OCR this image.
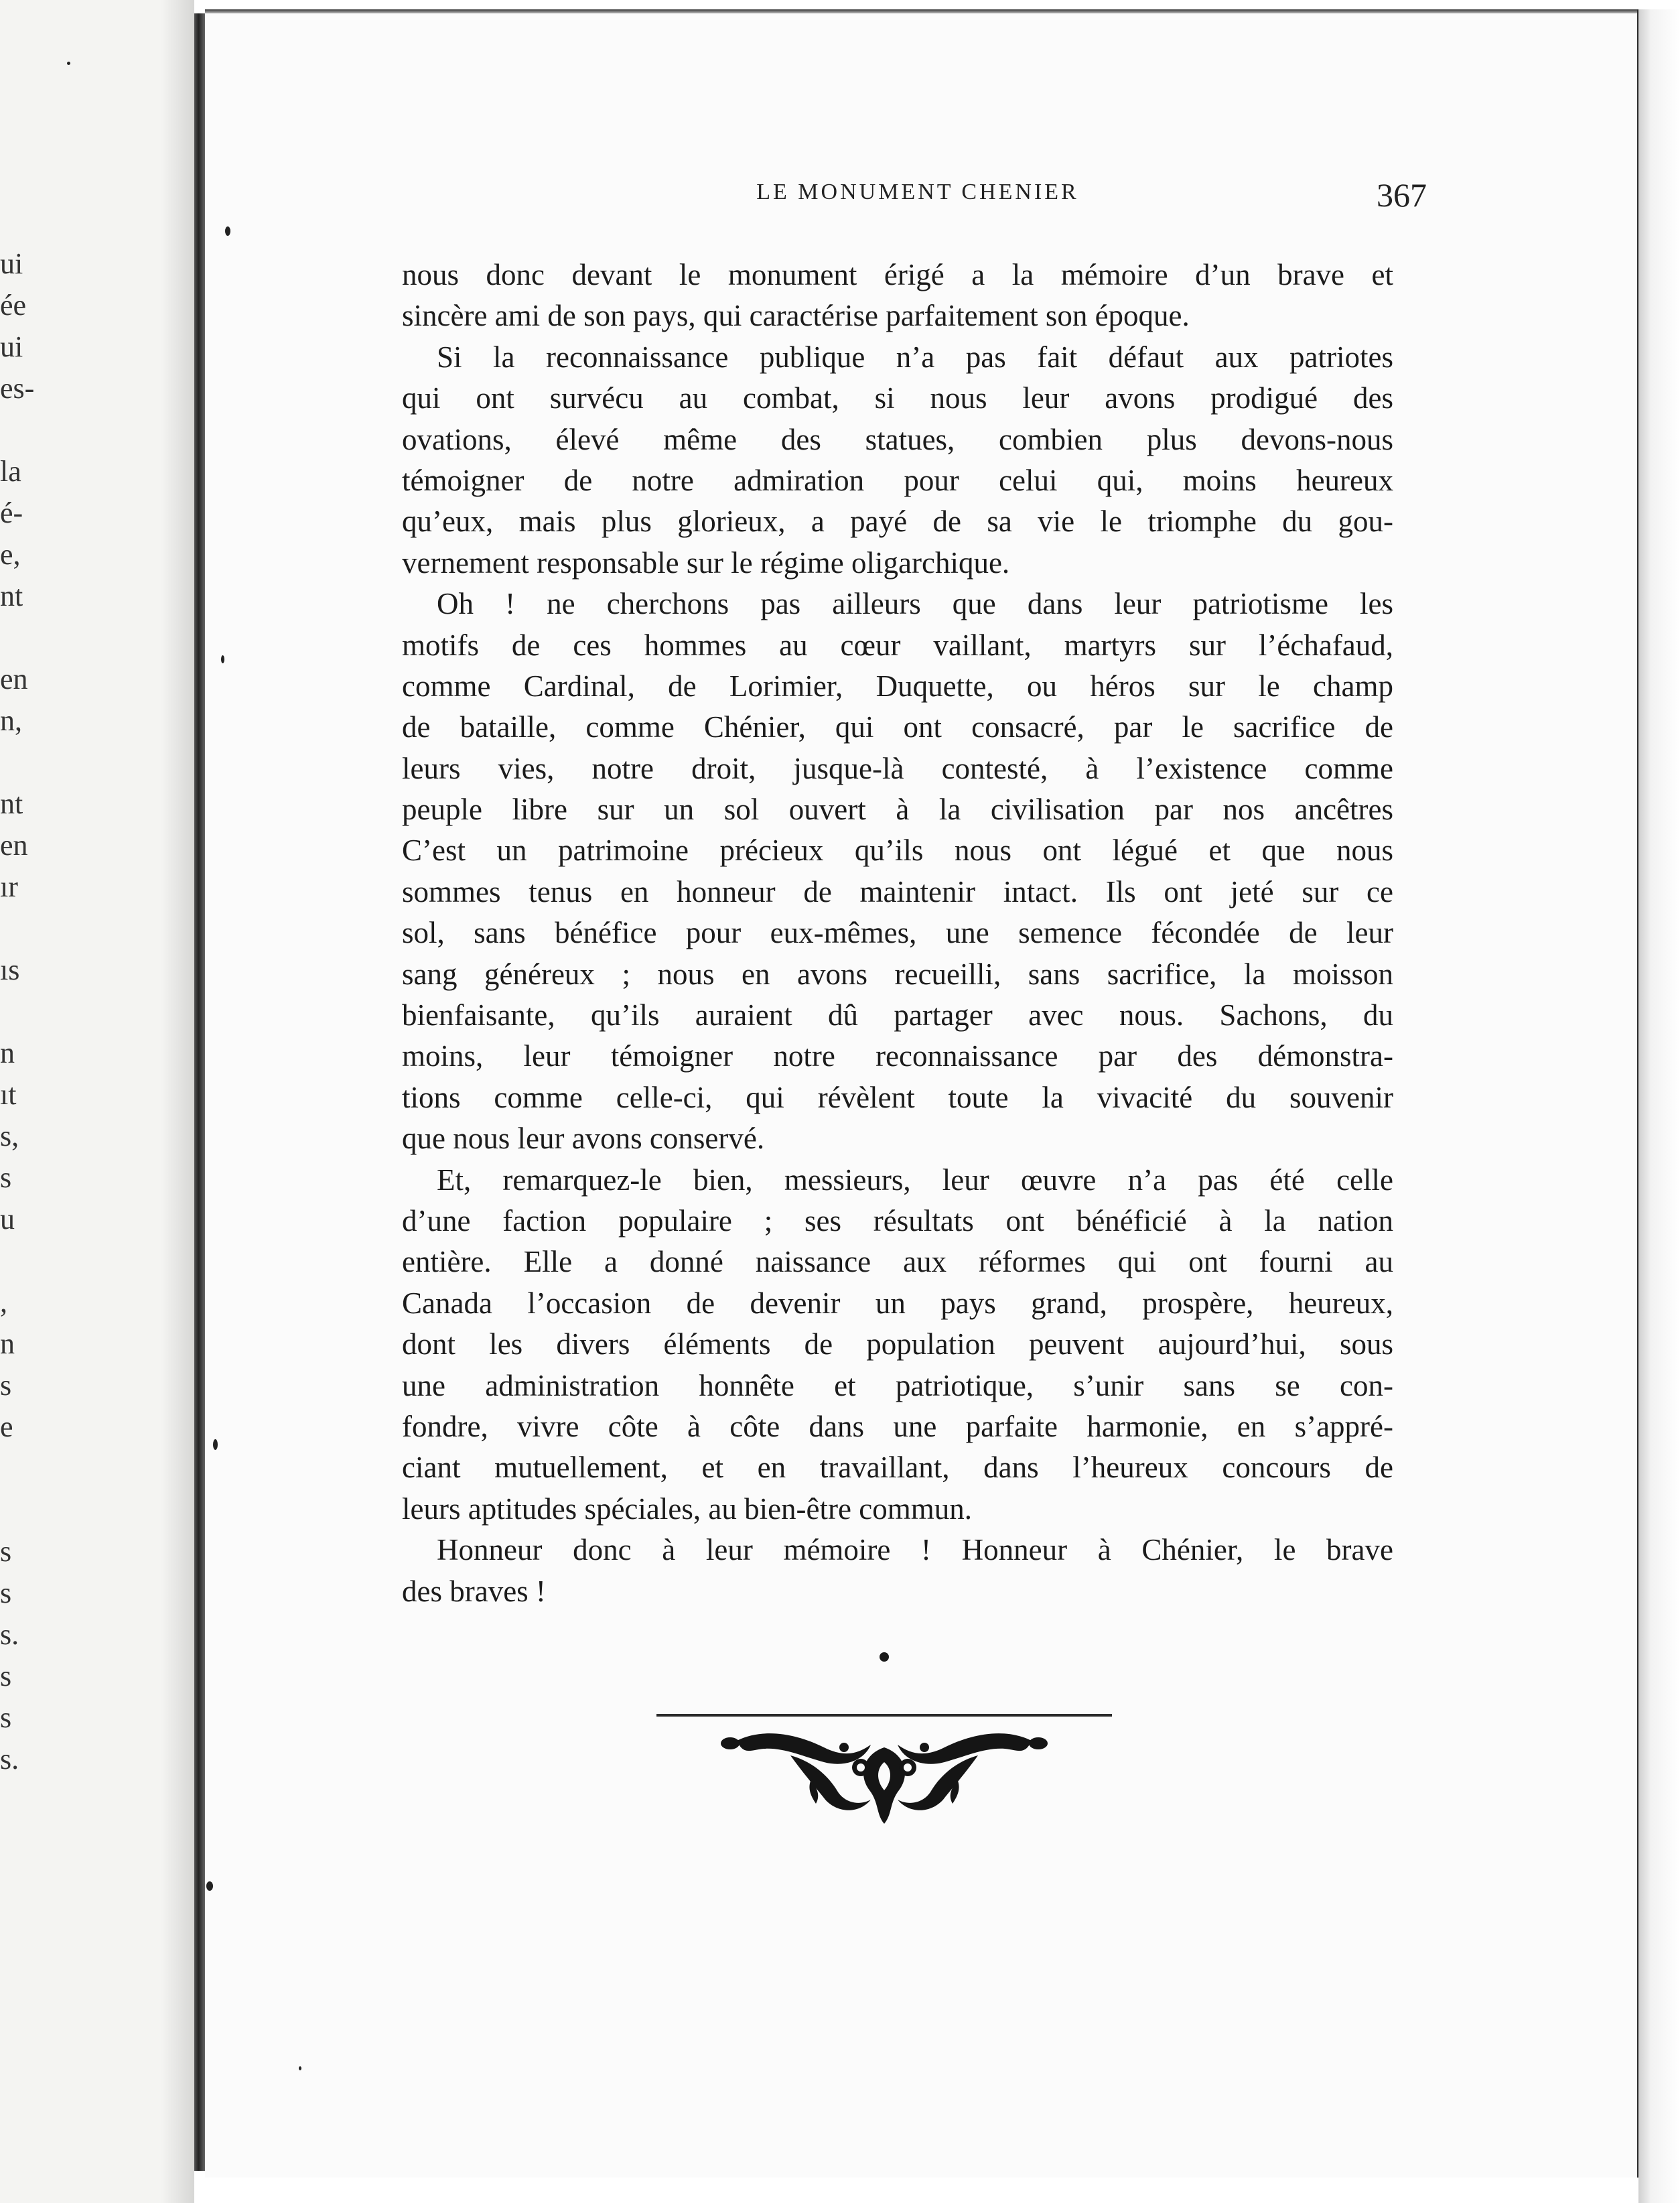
ui
ée
ui
es-
la
é-
e,
nt
en
n,
nt
en
ır
ıs
n
ıt
s,
s
u
,
n
s
e
s
s
s.
s
s
s.
LE MONUMENT CHENIER	367
nous donc devant le monument érigé a la mémoire d’un brave et
sincère ami de son pays, qui caractérise parfaitement son époque.
Si la reconnaissance publique n’a pas fait défaut aux patriotes
qui ont survécu au combat, si nous leur avons prodigué des
ovations, élevé même des statues, combien plus devons-nous
témoigner de notre admiration pour celui qui, moins heureux
qu’eux, mais plus glorieux, a payé de sa vie le triomphe du gou-
vernement responsable sur le régime oligarchique.
Oh ! ne cherchons pas ailleurs que dans leur patriotisme les
motifs de ces hommes au cœur vaillant, martyrs sur l’échafaud,
comme Cardinal, de Lorimier, Duquette, ou héros sur le champ
de bataille, comme Chénier, qui ont consacré, par le sacrifice de
leurs vies, notre droit, jusque-là contesté, à l’existence comme
peuple libre sur un sol ouvert à la civilisation par nos ancêtres
C’est un patrimoine précieux qu’ils nous ont légué et que nous
sommes tenus en honneur de maintenir intact. Ils ont jeté sur ce
sol, sans bénéfice pour eux-mêmes, une semence fécondée de leur
sang généreux ; nous en avons recueilli, sans sacrifice, la moisson
bienfaisante, qu’ils auraient dû partager avec nous. Sachons, du
moins, leur témoigner notre reconnaissance par des démonstra-
tions comme celle-ci, qui révèlent toute la vivacité du souvenir
que nous leur avons conservé.
Et, remarquez-le bien, messieurs, leur œuvre n’a pas été celle
d’une faction populaire ; ses résultats ont bénéficié à la nation
entière. Elle a donné naissance aux réformes qui ont fourni au
Canada l’occasion de devenir un pays grand, prospère, heureux,
dont les divers éléments de population peuvent aujourd’hui, sous
une administration honnête et patriotique, s’unir sans se con-
fondre, vivre côte à côte dans une parfaite harmonie, en s’appré-
ciant mutuellement, et en travaillant, dans l’heureux concours de
leurs aptitudes spéciales, au bien-être commun.
Honneur donc à leur mémoire ! Honneur à Chénier, le brave
des braves !
